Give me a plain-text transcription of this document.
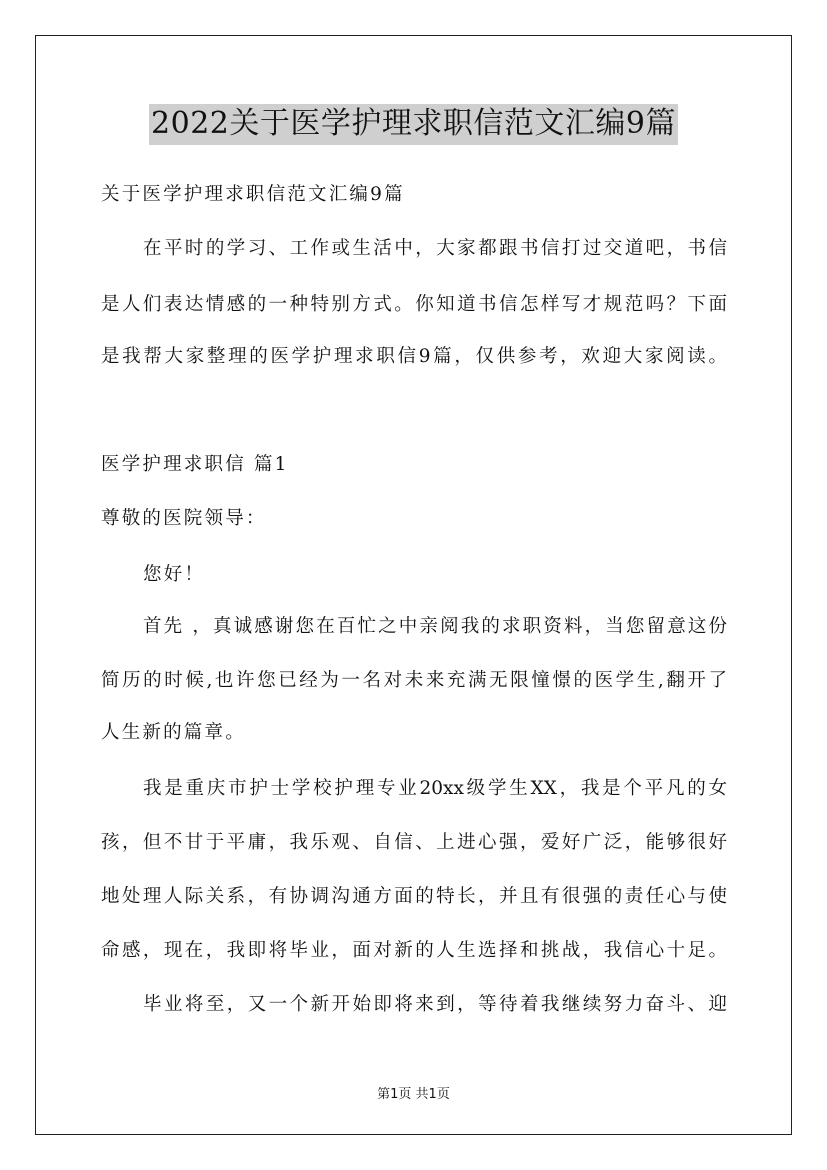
2022关于医学护理求职信范文汇编9篇

关于医学护理求职信范文汇编9篇

在平时的学习、工作或生活中，大家都跟书信打过交道吧，书信

是人们表达情感的一种特别方式。你知道书信怎样写才规范吗？下面

是我帮大家整理的医学护理求职信9篇，仅供参考，欢迎大家阅读。

医学护理求职信 篇1

尊敬的医院领导：

您好！

首先 ，真诚感谢您在百忙之中亲阅我的求职资料，当您留意这份

简历的时候,也许您已经为一名对未来充满无限憧憬的医学生,翻开了

人生新的篇章。

我是重庆市护士学校护理专业20xx级学生XX，我是个平凡的女

孩，但不甘于平庸，我乐观、自信、上进心强，爱好广泛，能够很好

地处理人际关系，有协调沟通方面的特长，并且有很强的责任心与使

命感，现在，我即将毕业，面对新的人生选择和挑战，我信心十足。

毕业将至，又一个新开始即将来到，等待着我继续努力奋斗、迎

第1页 共1页
